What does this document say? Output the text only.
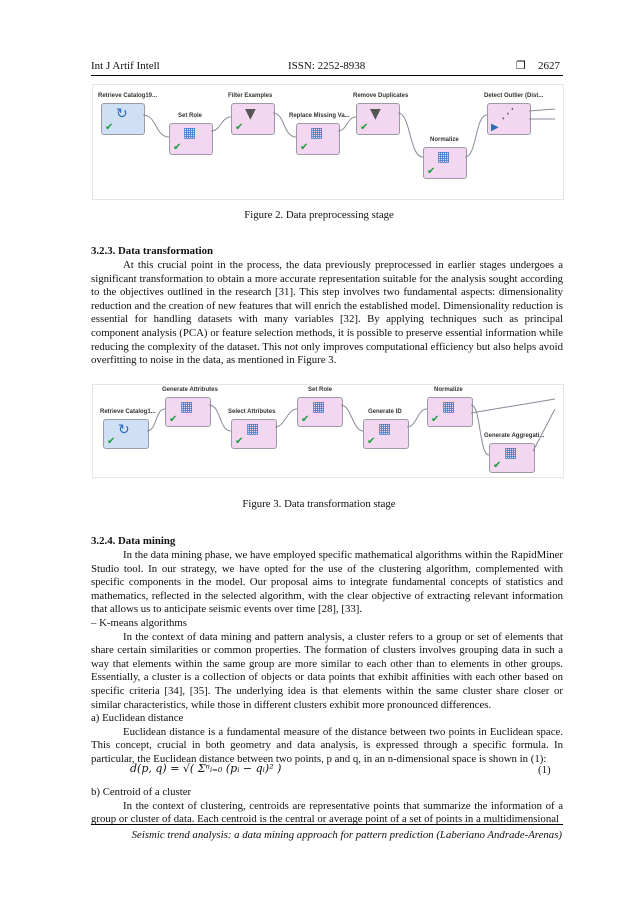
Int J Artif Intell	ISSN: 2252-8938	❐ 2627
Retrieve Catalog19...
↻
✔
Set Role
▦
✔
Filter Examples
▼
✔
Replace Missing Va...
▦
✔
Remove Duplicates
▼
✔
Normalize
▦
✔
Detect Outlier (Dist...
⋰
▶
Figure 2. Data preprocessing stage
3.2.3. Data transformation

At this crucial point in the process, the data previously preprocessed in earlier stages undergoes a significant transformation to obtain a more accurate representation suitable for the analysis sought according to the objectives outlined in the research [31]. This step involves two fundamental aspects: dimensionality reduction and the creation of new features that will enrich the established model. Dimensionality reduction is essential for handling datasets with many variables [32]. By applying techniques such as principal component analysis (PCA) or feature selection methods, it is possible to preserve essential information while reducing the complexity of the dataset. This not only improves computational efficiency but also helps avoid overfitting to noise in the data, as mentioned in Figure 3.

Retrieve Catalog1...
↻
✔
Generate Attributes
▦
✔
Select Attributes
▦
✔
Set Role
▦
✔
Generate ID
▦
✔
Normalize
▦
✔
Generate Aggregati...
▦
✔
Figure 3. Data transformation stage
3.2.4. Data mining

In the data mining phase, we have employed specific mathematical algorithms within the RapidMiner Studio tool. In our strategy, we have opted for the use of the clustering algorithm, complemented with specific components in the model. Our proposal aims to integrate fundamental concepts of statistics and mathematics, reflected in the selected algorithm, with the clear objective of extracting relevant information that allows us to anticipate seismic events over time [28], [33].

– K-means algorithms

In the context of data mining and pattern analysis, a cluster refers to a group or set of elements that share certain similarities or common properties. The formation of clusters involves grouping data in such a way that elements within the same group are more similar to each other than to elements in other groups. Essentially, a cluster is a collection of objects or data points that exhibit affinities with each other based on specific criteria [34], [35]. The underlying idea is that elements within the same cluster share closer or similar characteristics, while those in different clusters exhibit more pronounced differences.

a) Euclidean distance

Euclidean distance is a fundamental measure of the distance between two points in Euclidean space. This concept, crucial in both geometry and data analysis, is expressed through a specific formula. In particular, the Euclidean distance between two points, p and q, in an n-dimensional space is shown in (1):

d(p, q) = √( Σⁿᵢ₌₀ (pᵢ − qᵢ)² )	(1)

b) Centroid of a cluster

In the context of clustering, centroids are representative points that summarize the information of a group or cluster of data. Each centroid is the central or average point of a set of points in a multidimensional

Seismic trend analysis: a data mining approach for pattern prediction (Laberiano Andrade-Arenas)
